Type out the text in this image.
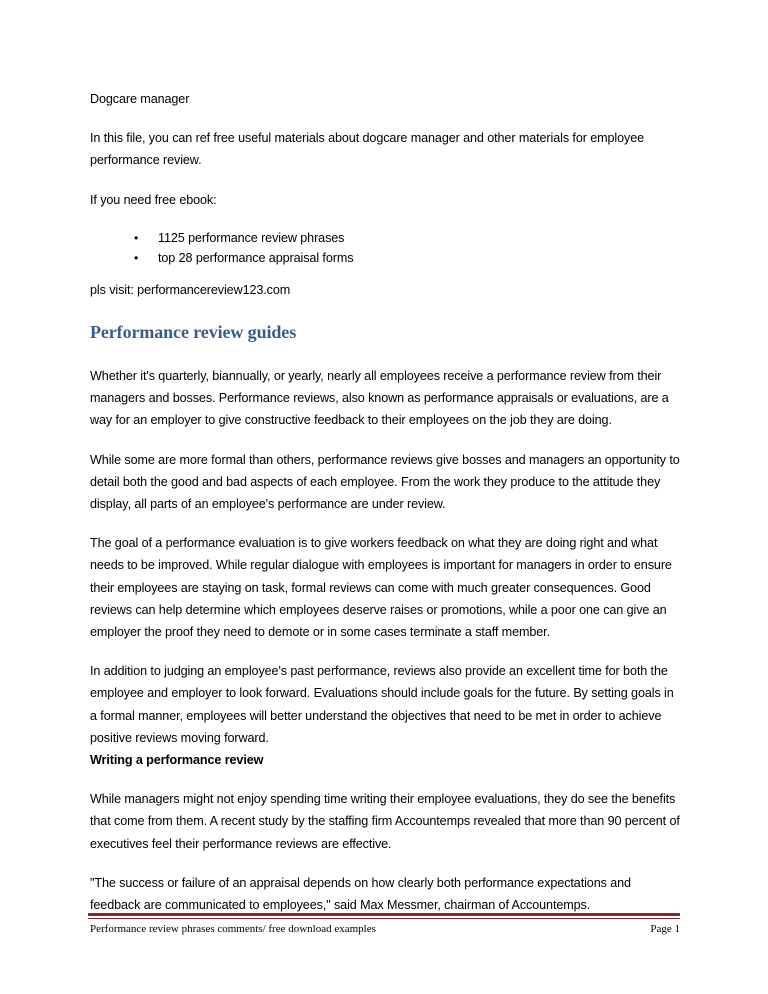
Dogcare manager

In this file, you can ref free useful materials about dogcare manager and other materials for employee performance review.

If you need free ebook:

• 1125 performance review phrases
• top 28 performance appraisal forms

pls visit: performancereview123.com

Performance review guides

Whether it's quarterly, biannually, or yearly, nearly all employees receive a performance review from their managers and bosses. Performance reviews, also known as performance appraisals or evaluations, are a way for an employer to give constructive feedback to their employees on the job they are doing.

While some are more formal than others, performance reviews give bosses and managers an opportunity to detail both the good and bad aspects of each employee. From the work they produce to the attitude they display, all parts of an employee's performance are under review.

The goal of a performance evaluation is to give workers feedback on what they are doing right and what needs to be improved. While regular dialogue with employees is important for managers in order to ensure their employees are staying on task, formal reviews can come with much greater consequences. Good reviews can help determine which employees deserve raises or promotions, while a poor one can give an employer the proof they need to demote or in some cases terminate a staff member.

In addition to judging an employee's past performance, reviews also provide an excellent time for both the employee and employer to look forward. Evaluations should include goals for the future. By setting goals in a formal manner, employees will better understand the objectives that need to be met in order to achieve positive reviews moving forward.

Writing a performance review

While managers might not enjoy spending time writing their employee evaluations, they do see the benefits that come from them. A recent study by the staffing firm Accountemps revealed that more than 90 percent of executives feel their performance reviews are effective.

"The success or failure of an appraisal depends on how clearly both performance expectations and feedback are communicated to employees," said Max Messmer, chairman of Accountemps.

Performance review phrases comments/ free download examples	Page 1
